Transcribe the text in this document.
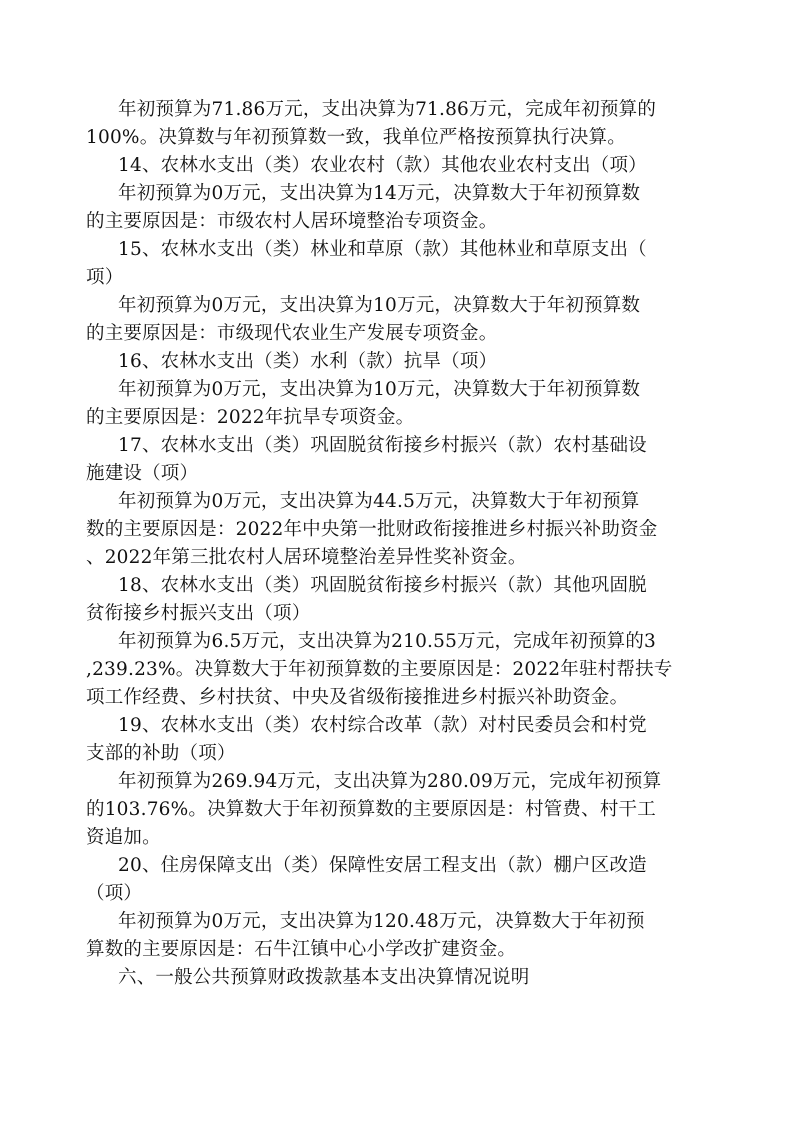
年初预算为71.86万元，支出决算为71.86万元，完成年初预算的
100%。决算数与年初预算数一致，我单位严格按预算执行决算。
14、农林水支出（类）农业农村（款）其他农业农村支出（项）
年初预算为0万元，支出决算为14万元，决算数大于年初预算数
的主要原因是：市级农村人居环境整治专项资金。
15、农林水支出（类）林业和草原（款）其他林业和草原支出（
项）
年初预算为0万元，支出决算为10万元，决算数大于年初预算数
的主要原因是：市级现代农业生产发展专项资金。
16、农林水支出（类）水利（款）抗旱（项）
年初预算为0万元，支出决算为10万元，决算数大于年初预算数
的主要原因是：2022年抗旱专项资金。
17、农林水支出（类）巩固脱贫衔接乡村振兴（款）农村基础设
施建设（项）
年初预算为0万元，支出决算为44.5万元，决算数大于年初预算
数的主要原因是：2022年中央第一批财政衔接推进乡村振兴补助资金
、2022年第三批农村人居环境整治差异性奖补资金。
18、农林水支出（类）巩固脱贫衔接乡村振兴（款）其他巩固脱
贫衔接乡村振兴支出（项）
年初预算为6.5万元，支出决算为210.55万元，完成年初预算的3
,239.23%。决算数大于年初预算数的主要原因是：2022年驻村帮扶专
项工作经费、乡村扶贫、中央及省级衔接推进乡村振兴补助资金。
19、农林水支出（类）农村综合改革（款）对村民委员会和村党
支部的补助（项）
年初预算为269.94万元，支出决算为280.09万元，完成年初预算
的103.76%。决算数大于年初预算数的主要原因是：村管费、村干工
资追加。
20、住房保障支出（类）保障性安居工程支出（款）棚户区改造
（项）
年初预算为0万元，支出决算为120.48万元，决算数大于年初预
算数的主要原因是：石牛江镇中心小学改扩建资金。
六、一般公共预算财政拨款基本支出决算情况说明
